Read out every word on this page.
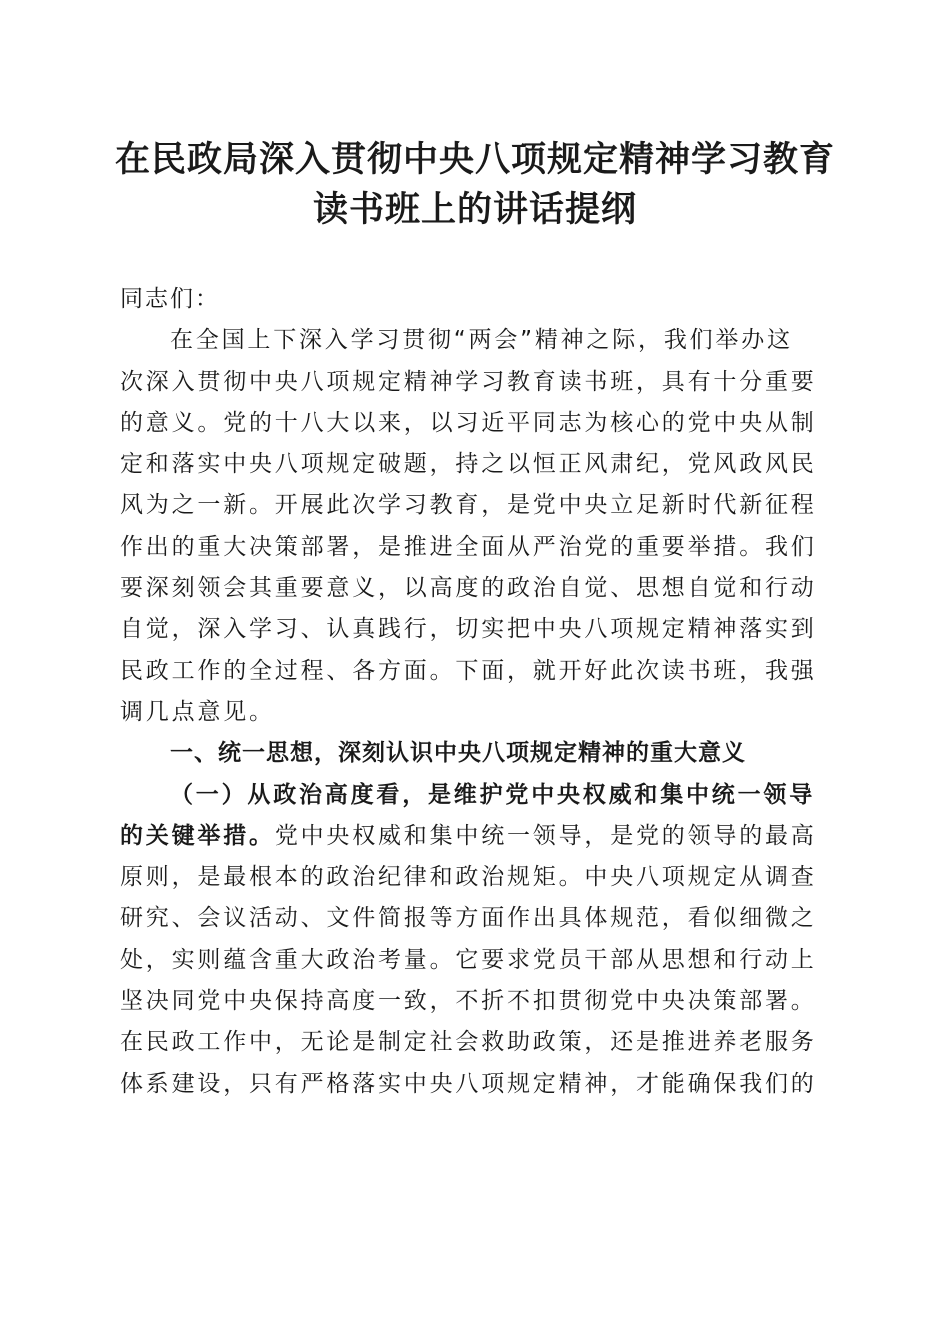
在民政局深入贯彻中央八项规定精神学习教育
读书班上的讲话提纲
同志们：
在全国上下深入学习贯彻“两会”精神之际，我们举办这
次深入贯彻中央八项规定精神学习教育读书班，具有十分重要
的意义。党的十八大以来，以习近平同志为核心的党中央从制
定和落实中央八项规定破题，持之以恒正风肃纪，党风政风民
风为之一新。开展此次学习教育，是党中央立足新时代新征程
作出的重大决策部署，是推进全面从严治党的重要举措。我们
要深刻领会其重要意义，以高度的政治自觉、思想自觉和行动
自觉，深入学习、认真践行，切实把中央八项规定精神落实到
民政工作的全过程、各方面。下面，就开好此次读书班，我强
调几点意见。
一、统一思想，深刻认识中央八项规定精神的重大意义
（一）从政治高度看，是维护党中央权威和集中统一领导
的关键举措。党中央权威和集中统一领导，是党的领导的最高
原则，是最根本的政治纪律和政治规矩。中央八项规定从调查
研究、会议活动、文件简报等方面作出具体规范，看似细微之
处，实则蕴含重大政治考量。它要求党员干部从思想和行动上
坚决同党中央保持高度一致，不折不扣贯彻党中央决策部署。
在民政工作中，无论是制定社会救助政策，还是推进养老服务
体系建设，只有严格落实中央八项规定精神，才能确保我们的
